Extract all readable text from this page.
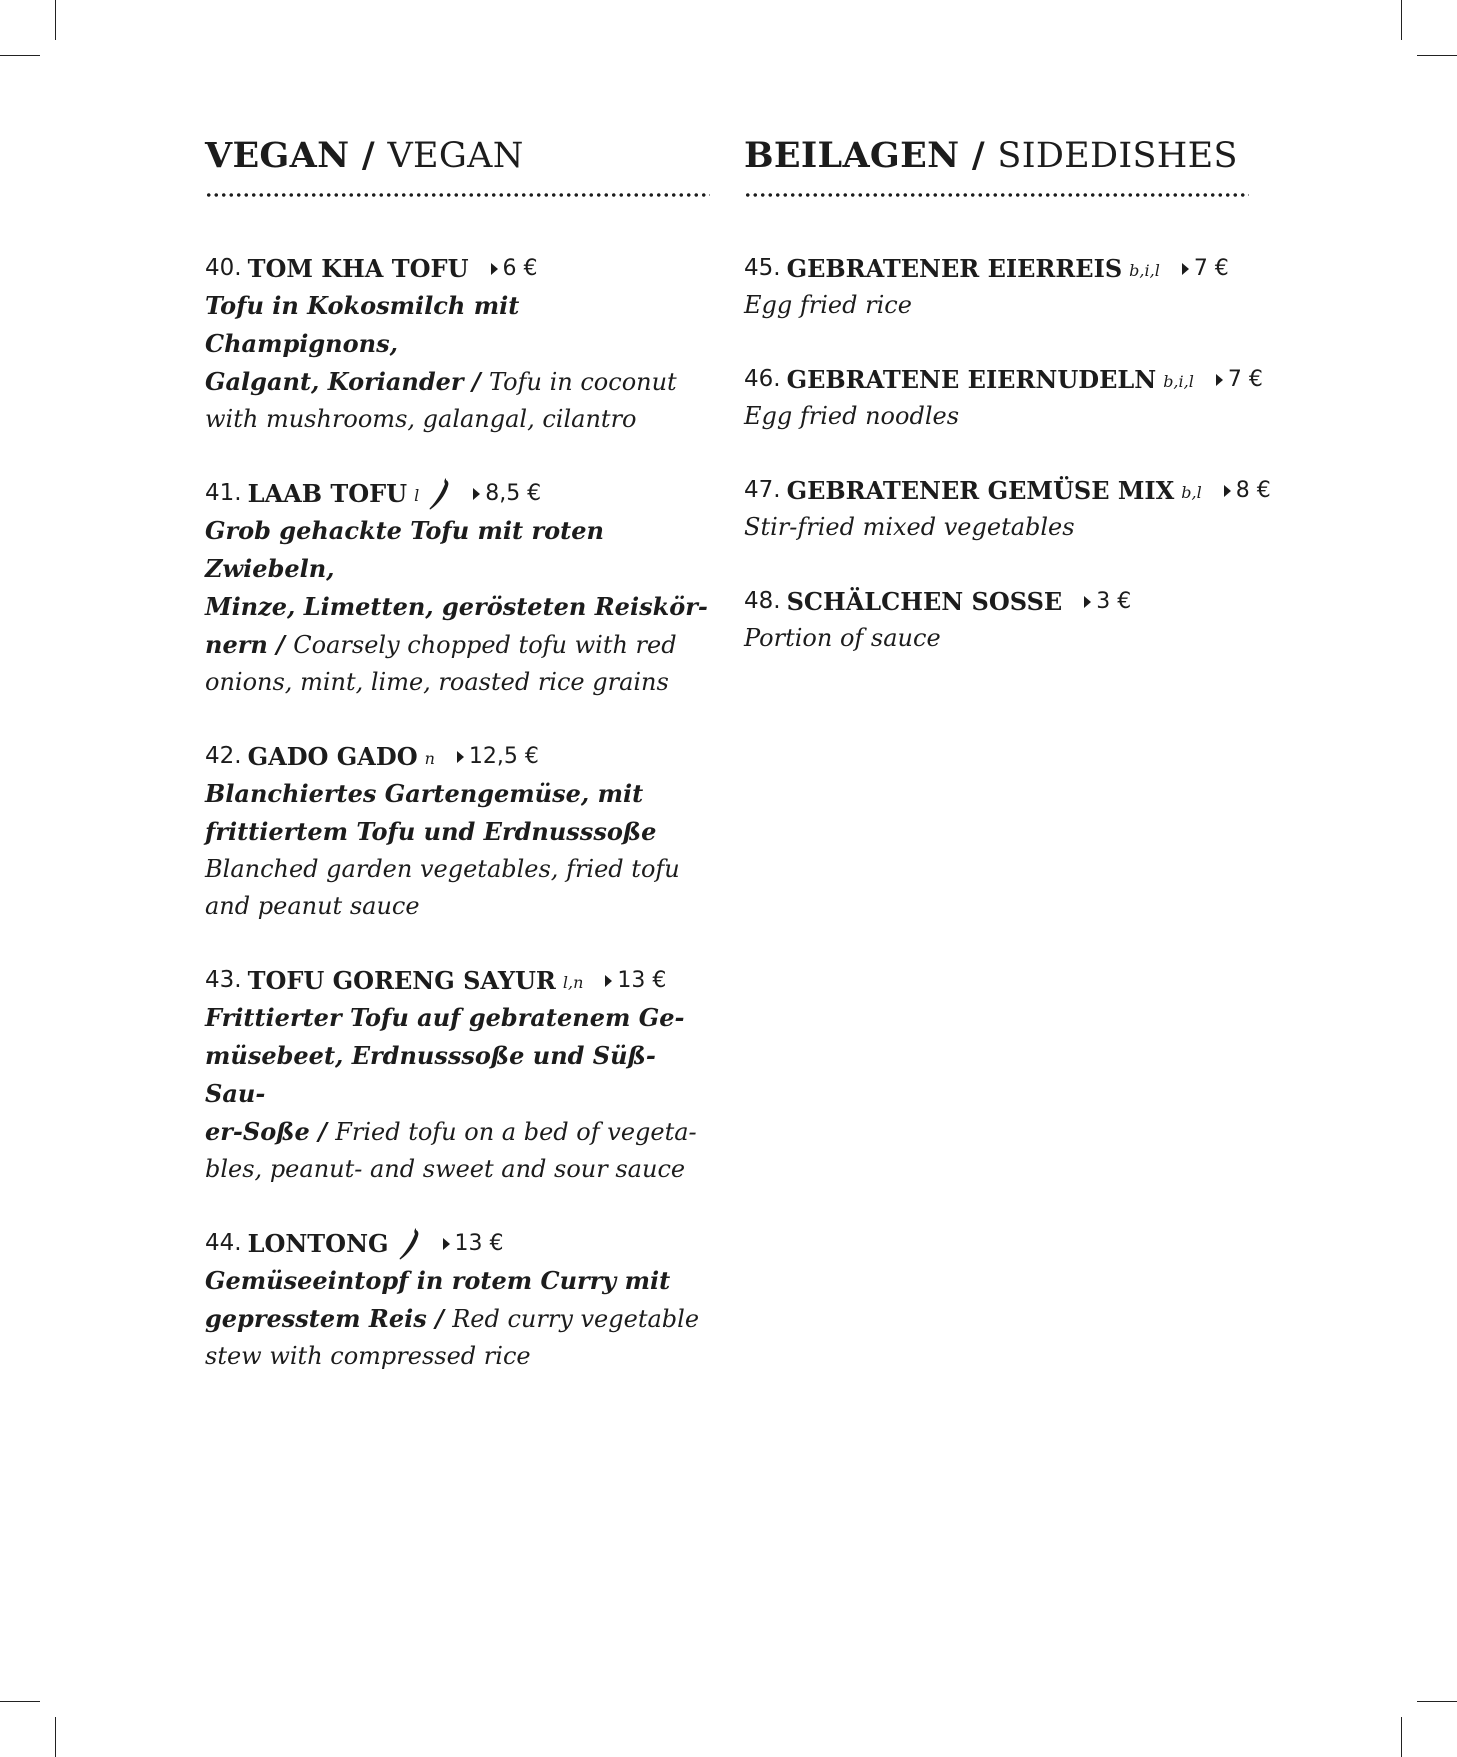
VEGAN / VEGAN
40. TOM KHA TOFU 6 €
Tofu in Kokosmilch mit Champignons,
Galgant, Koriander / Tofu in coconut
with mushrooms, galangal, cilantro
41. LAAB TOFU l	8,5 €
Grob gehackte Tofu mit roten Zwiebeln,
Minze, Limetten, gerösteten Reiskör-
nern / Coarsely chopped tofu with red
onions, mint, lime, roasted rice grains
42. GADO GADO n 12,5 €
Blanchiertes Gartengemüse, mit
frittiertem Tofu und Erdnusssoße
Blanched garden vegetables, fried tofu
and peanut sauce
43. TOFU GORENG SAYUR l,n 13 €
Frittierter Tofu auf gebratenem Ge-
müsebeet, Erdnusssoße und Süß-Sau-
er-Soße / Fried tofu on a bed of vegeta-
bles, peanut- and sweet and sour sauce
44. LONTONG	13 €
Gemüseeintopf in rotem Curry mit
gepresstem Reis / Red curry vegetable
stew with compressed rice
BEILAGEN / SIDEDISHES
45. GEBRATENER EIERREIS b,i,l 7 €
Egg fried rice
46. GEBRATENE EIERNUDELN b,i,l 7 €
Egg fried noodles
47. GEBRATENER GEMÜSE MIX b,l 8 €
Stir-fried mixed vegetables
48. SCHÄLCHEN SOSSE 3 €
Portion of sauce
